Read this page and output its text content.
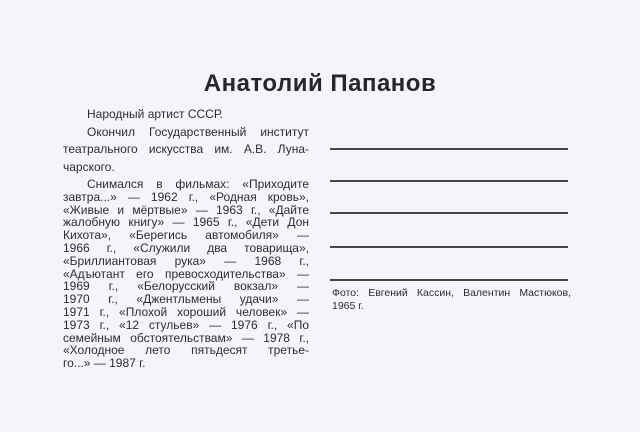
Анатолий Папанов
Народный артист СССР.
Окончил Государственный институт
театрального искусства им. А.В. Луна-
чарского.
Снимался в фильмах: «Приходите
завтра...» — 1962 г., «Родная кровь»,
«Живые и мёртвые» — 1963 г., «Дайте
жалобную книгу» — 1965 г., «Дети Дон
Кихота», «Берегись автомобиля» —
1966 г., «Служили два товарища»,
«Бриллиантовая рука» — 1968 г.,
«Адъютант его превосходительства» —
1969 г., «Белорусский вокзал» —
1970 г., «Джентльмены удачи» —
1971 г., «Плохой хороший человек» —
1973 г., «12 стульев» — 1976 г., «По
семейным обстоятельствам» — 1978 г.,
«Холодное лето пятьдесят третье-
го...» — 1987 г.
Фото: Евгений Кассин, Валентин Мастюков,
1965 г.
